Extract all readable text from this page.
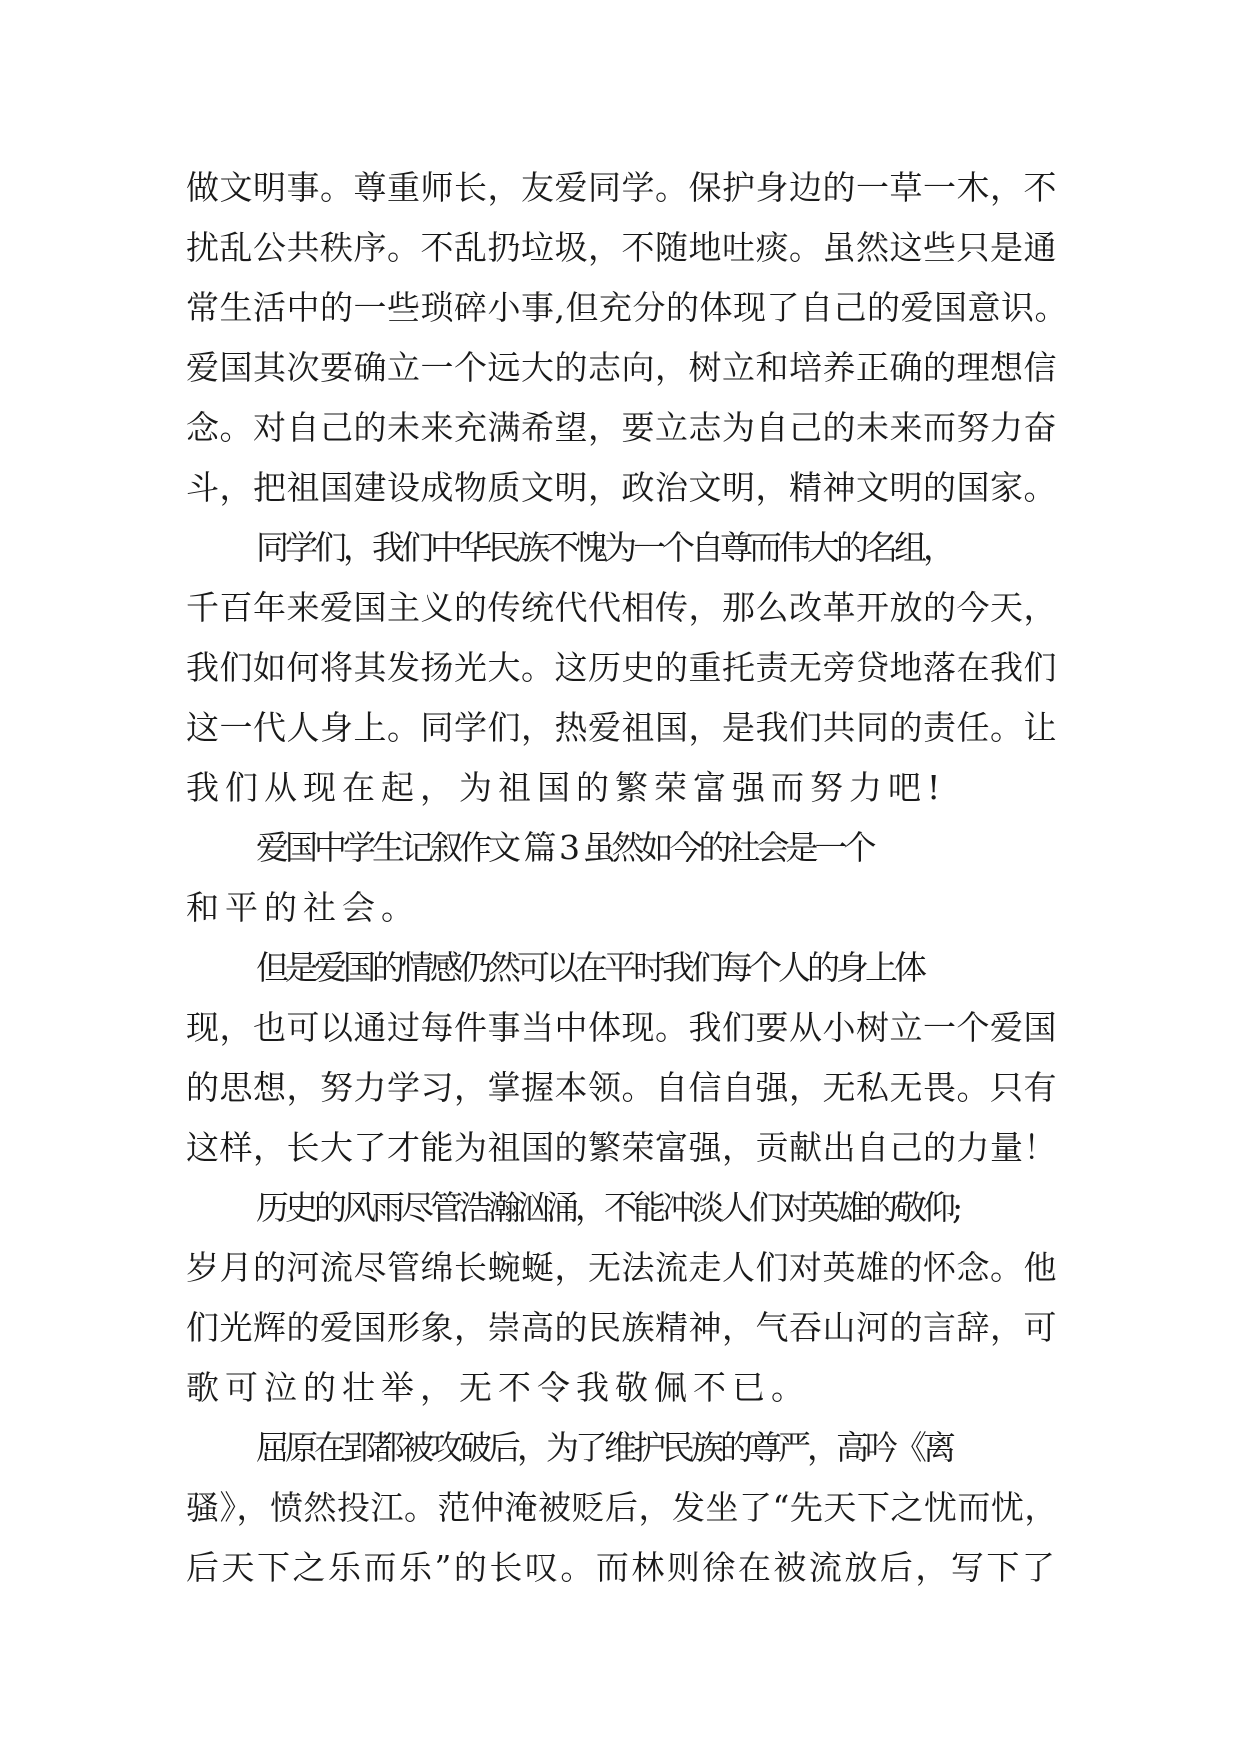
做文明事。尊重师长，友爱同学。保护身边的一草一木，不
扰乱公共秩序。不乱扔垃圾，不随地吐痰。虽然这些只是通
常生活中的一些琐碎小事,但充分的体现了自己的爱国意识。
爱国其次要确立一个远大的志向，树立和培养正确的理想信
念。对自己的未来充满希望，要立志为自己的未来而努力奋
斗，把祖国建设成物质文明，政治文明，精神文明的国家。
同学们，我们中华民族不愧为一个自尊而伟大的名组，
千百年来爱国主义的传统代代相传，那么改革开放的今天，
我们如何将其发扬光大。这历史的重托责无旁贷地落在我们
这一代人身上。同学们，热爱祖国，是我们共同的责任。让
我们从现在起，为祖国的繁荣富强而努力吧!
爱国中学生记叙作文 篇 3 虽然如今的社会是一个
和平的社会。
但是爱国的情感仍然可以在平时我们每个人的身上体
现，也可以通过每件事当中体现。我们要从小树立一个爱国
的思想，努力学习，掌握本领。自信自强，无私无畏。只有
这样，长大了才能为祖国的繁荣富强，贡献出自己的力量！
历史的风雨尽管浩瀚汹涌，不能冲淡人们对英雄的敬仰;
岁月的河流尽管绵长蜿蜒，无法流走人们对英雄的怀念。他
们光辉的爱国形象，崇高的民族精神，气吞山河的言辞，可
歌可泣的壮举，无不令我敬佩不已。
屈原在郢都被攻破后，为了维护民族的尊严，高吟《离
骚》，愤然投江。范仲淹被贬后，发坐了“先天下之忧而忧，
后天下之乐而乐”的长叹。而林则徐在被流放后，写下了
